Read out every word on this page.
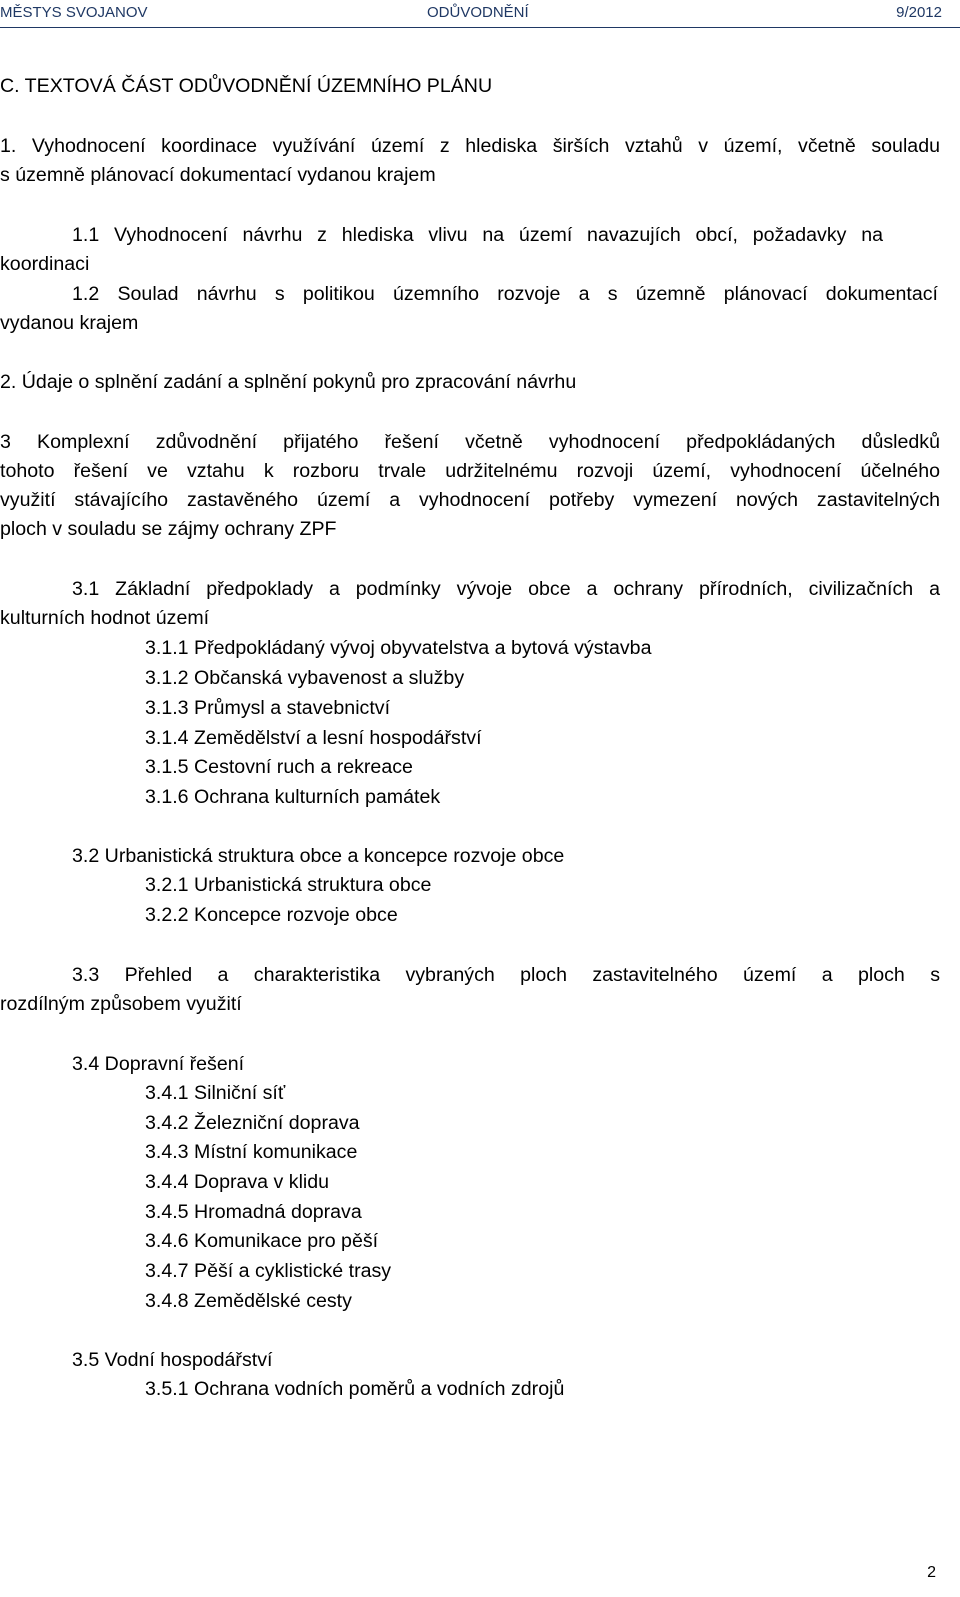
MĚSTYS SVOJANOV	ODŮVODNĚNÍ	9/2012
C. TEXTOVÁ ČÁST ODŮVODNĚNÍ ÚZEMNÍHO PLÁNU
1. Vyhodnocení koordinace využívání území z hlediska širších vztahů v území, včetně souladu
s územně plánovací dokumentací vydanou krajem
1.1 Vyhodnocení návrhu z hlediska vlivu na území navazujích obcí, požadavky na
koordinaci
1.2 Soulad návrhu s politikou územního rozvoje a s územně plánovací dokumentací
vydanou krajem
2. Údaje o splnění zadání a splnění pokynů pro zpracování návrhu
3 Komplexní zdůvodnění přijatého řešení včetně vyhodnocení předpokládaných důsledků
tohoto řešení ve vztahu k rozboru trvale udržitelnému rozvoji území, vyhodnocení účelného
využití stávajícího zastavěného území a vyhodnocení potřeby vymezení nových zastavitelných
ploch v souladu se zájmy ochrany ZPF
3.1 Základní předpoklady a podmínky vývoje obce a ochrany přírodních, civilizačních a
kulturních hodnot území
3.1.1 Předpokládaný vývoj obyvatelstva a bytová výstavba
3.1.2 Občanská vybavenost a služby
3.1.3 Průmysl a stavebnictví
3.1.4 Zemědělství a lesní hospodářství
3.1.5 Cestovní ruch a rekreace
3.1.6 Ochrana kulturních památek
3.2 Urbanistická struktura obce a koncepce rozvoje obce
3.2.1 Urbanistická struktura obce
3.2.2 Koncepce rozvoje obce
3.3 Přehled a charakteristika vybraných ploch zastavitelného území a ploch s
rozdílným způsobem využití
3.4 Dopravní řešení
3.4.1 Silniční síť
3.4.2 Železniční doprava
3.4.3 Místní komunikace
3.4.4 Doprava v klidu
3.4.5 Hromadná doprava
3.4.6 Komunikace pro pěší
3.4.7 Pěší a cyklistické trasy
3.4.8 Zemědělské cesty
3.5 Vodní hospodářství
3.5.1 Ochrana vodních poměrů a vodních zdrojů
2
